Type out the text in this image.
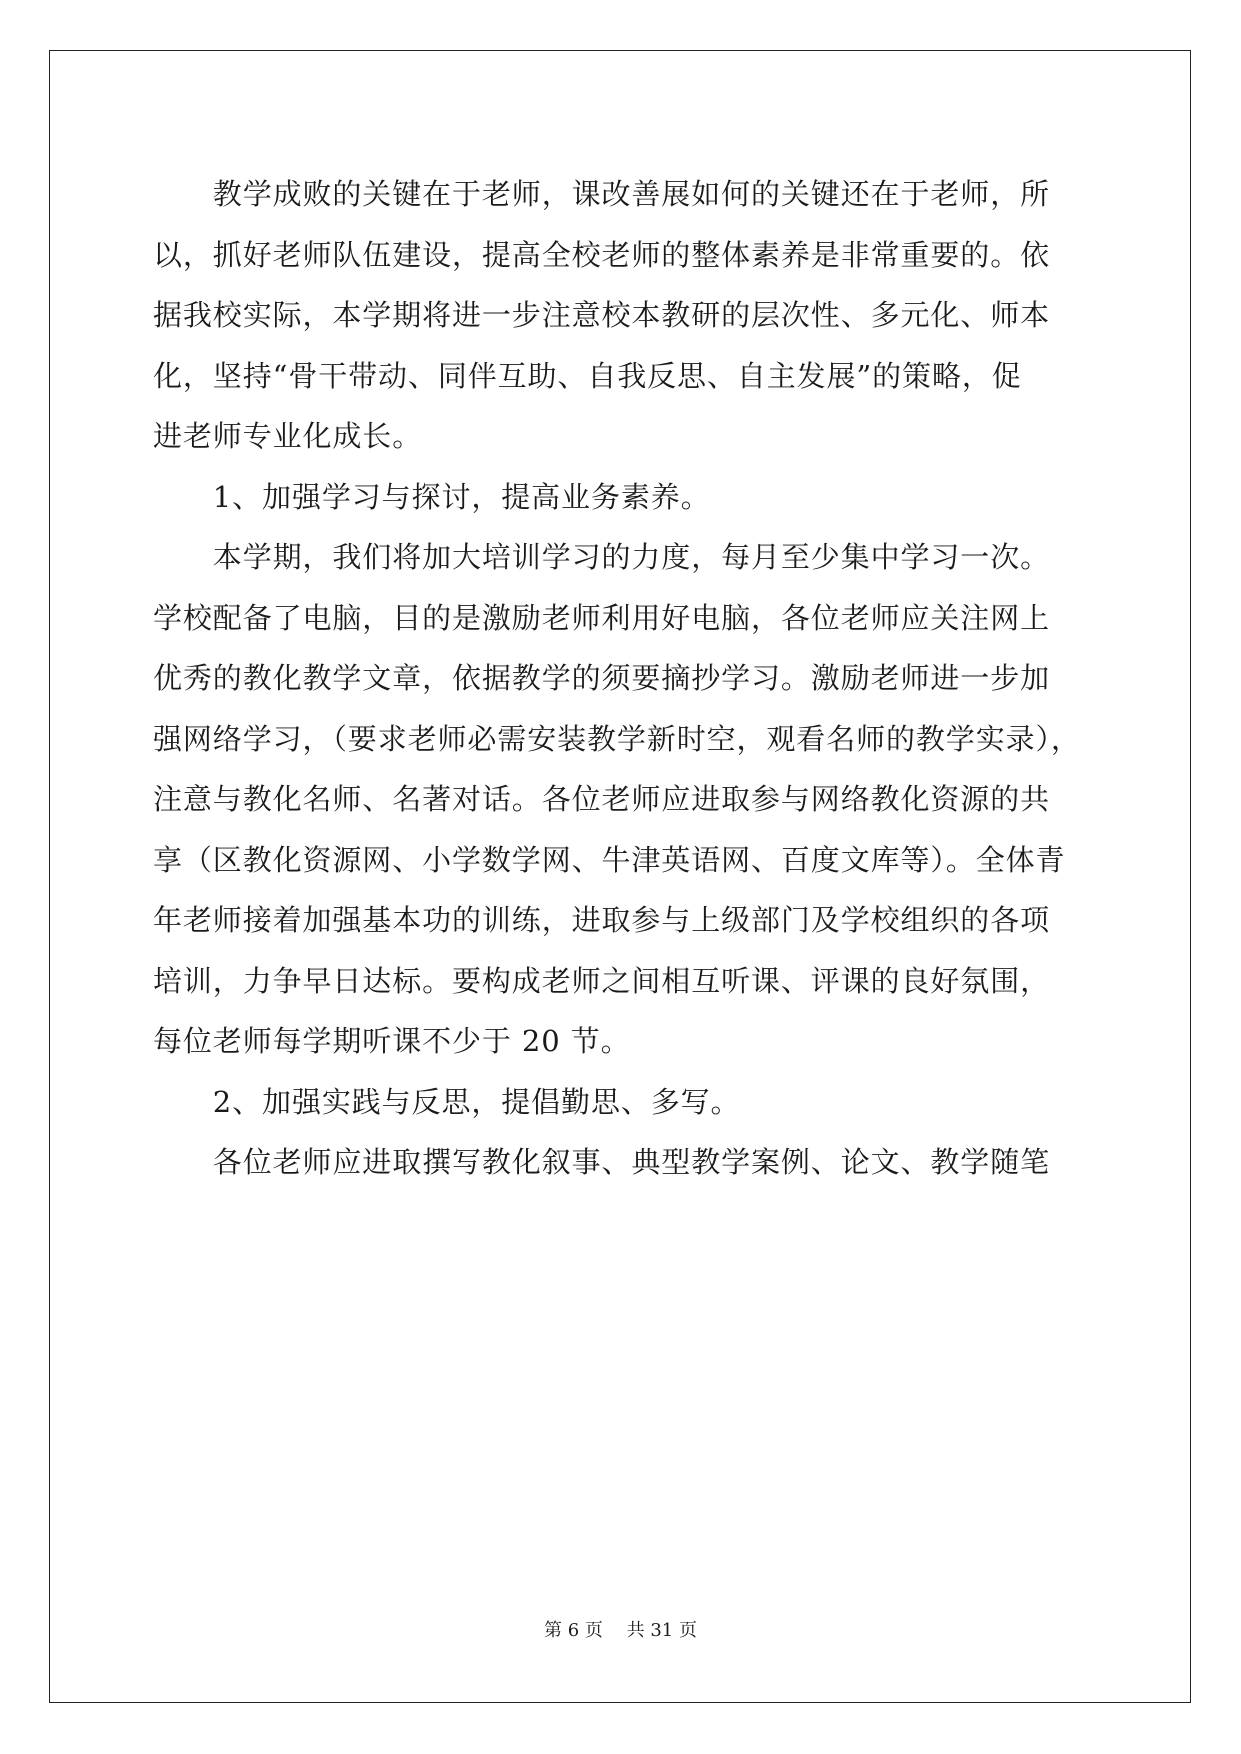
　　教学成败的关键在于老师，课改善展如何的关键还在于老师，所
以，抓好老师队伍建设，提高全校老师的整体素养是非常重要的。依
据我校实际，本学期将进一步注意校本教研的层次性、多元化、师本
化，坚持“骨干带动、同伴互助、自我反思、自主发展”的策略，促
进老师专业化成长。
　　1、加强学习与探讨，提高业务素养。
　　本学期，我们将加大培训学习的力度，每月至少集中学习一次。
学校配备了电脑，目的是激励老师利用好电脑，各位老师应关注网上
优秀的教化教学文章，依据教学的须要摘抄学习。激励老师进一步加
强网络学习，（要求老师必需安装教学新时空，观看名师的教学实录），
注意与教化名师、名著对话。各位老师应进取参与网络教化资源的共
享（区教化资源网、小学数学网、牛津英语网、百度文库等）。全体青
年老师接着加强基本功的训练，进取参与上级部门及学校组织的各项
培训，力争早日达标。要构成老师之间相互听课、评课的良好氛围，
每位老师每学期听课不少于 20 节。
　　2、加强实践与反思，提倡勤思、多写。
　　各位老师应进取撰写教化叙事、典型教学案例、论文、教学随笔
第 6 页　 共 31 页
